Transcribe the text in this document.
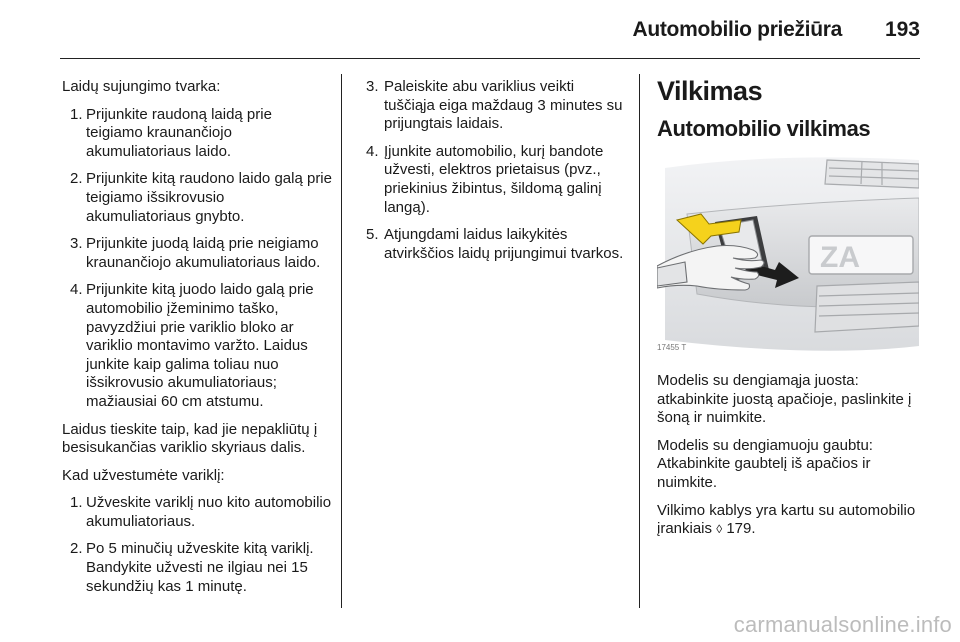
Automobilio priežiūra 193

Laidų sujungimo tvarka:

1. Prijunkite raudoną laidą prie teigiamo kraunančiojo akumuliatoriaus laido.
2. Prijunkite kitą raudono laido galą prie teigiamo išsikrovusio akumuliatoriaus gnybto.
3. Prijunkite juodą laidą prie neigiamo kraunančiojo akumuliatoriaus laido.
4. Prijunkite kitą juodo laido galą prie automobilio įžeminimo taško, pavyzdžiui prie variklio bloko ar variklio montavimo varžto. Laidus junkite kaip galima toliau nuo išsikrovusio akumuliatoriaus; mažiausiai 60 cm atstumu.

Laidus tieskite taip, kad jie nepakliūtų į besisukančias variklio skyriaus dalis.

Kad užvestumėte variklį:

1. Užveskite variklį nuo kito automobilio akumuliatoriaus.
2. Po 5 minučių užveskite kitą variklį. Bandykite užvesti ne ilgiau nei 15 sekundžių kas 1 minutę.
3. Paleiskite abu variklius veikti tuščiąja eiga maždaug 3 minutes su prijungtais laidais.
4. Įjunkite automobilio, kurį bandote užvesti, elektros prietaisus (pvz., priekinius žibintus, šildomą galinį langą).
5. Atjungdami laidus laikykitės atvirkščios laidų prijungimui tvarkos.
Vilkimas
Automobilio vilkimas
ZA
17455 T

Modelis su dengiamąja juosta: atkabinkite juostą apačioje, paslinkite į šoną ir nuimkite.

Modelis su dengiamuoju gaubtu: Atkabinkite gaubtelį iš apačios ir nuimkite.

Vilkimo kablys yra kartu su automobilio įrankiais ◊ 179.

carmanualsonline.info
